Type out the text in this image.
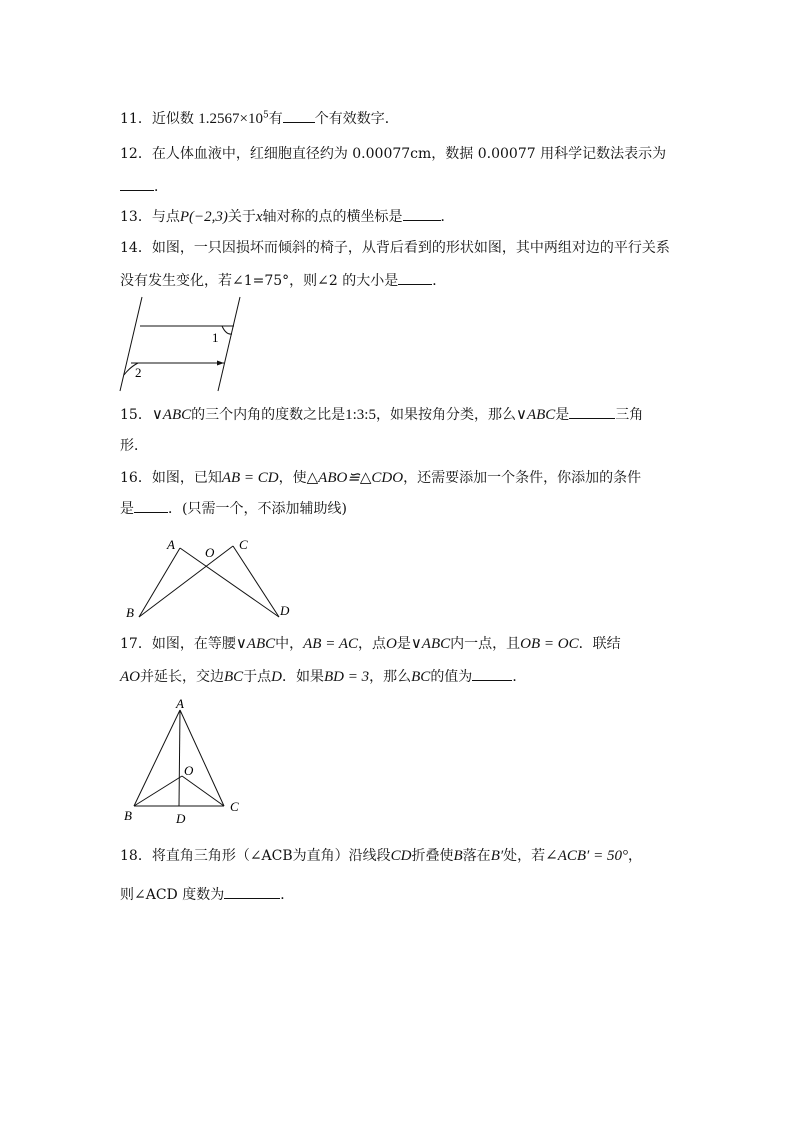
11．近似数 $1.2567\times 10^5$有 个有效数字．
12．在人体血液中，红细胞直径约为 0.00077cm，数据 0.00077 用科学记数法表示为
．
13．与点P(−2,3)关于x轴对称的点的横坐标是	．
14．如图，一只因损坏而倾斜的椅子，从背后看到的形状如图，其中两组对边的平行关系
没有发生变化，若∠1=75°，则∠2 的大小是 ．
1
2
15．∨ABC的三个内角的度数之比是1:3:5，如果按角分类，那么∨ABC是	三角
形．
16．如图，已知AB = CD，使△ABO≌△CDO，还需要添加一个条件，你添加的条件
是 ．(只需一个，不添加辅助线)
A
O
C
B	D
17．如图，在等腰∨ABC中，AB = AC，点O是∨ABC内一点，且OB = OC．联结
AO并延长，交边BC于点D．如果BD = 3，那么BC的值为	．
A
O
B	D
C
18．将直角三角形（∠ACB为直角）沿线段CD折叠使B落在B′处，若∠ACB′ = 50°，
则∠ACD 度数为	．
